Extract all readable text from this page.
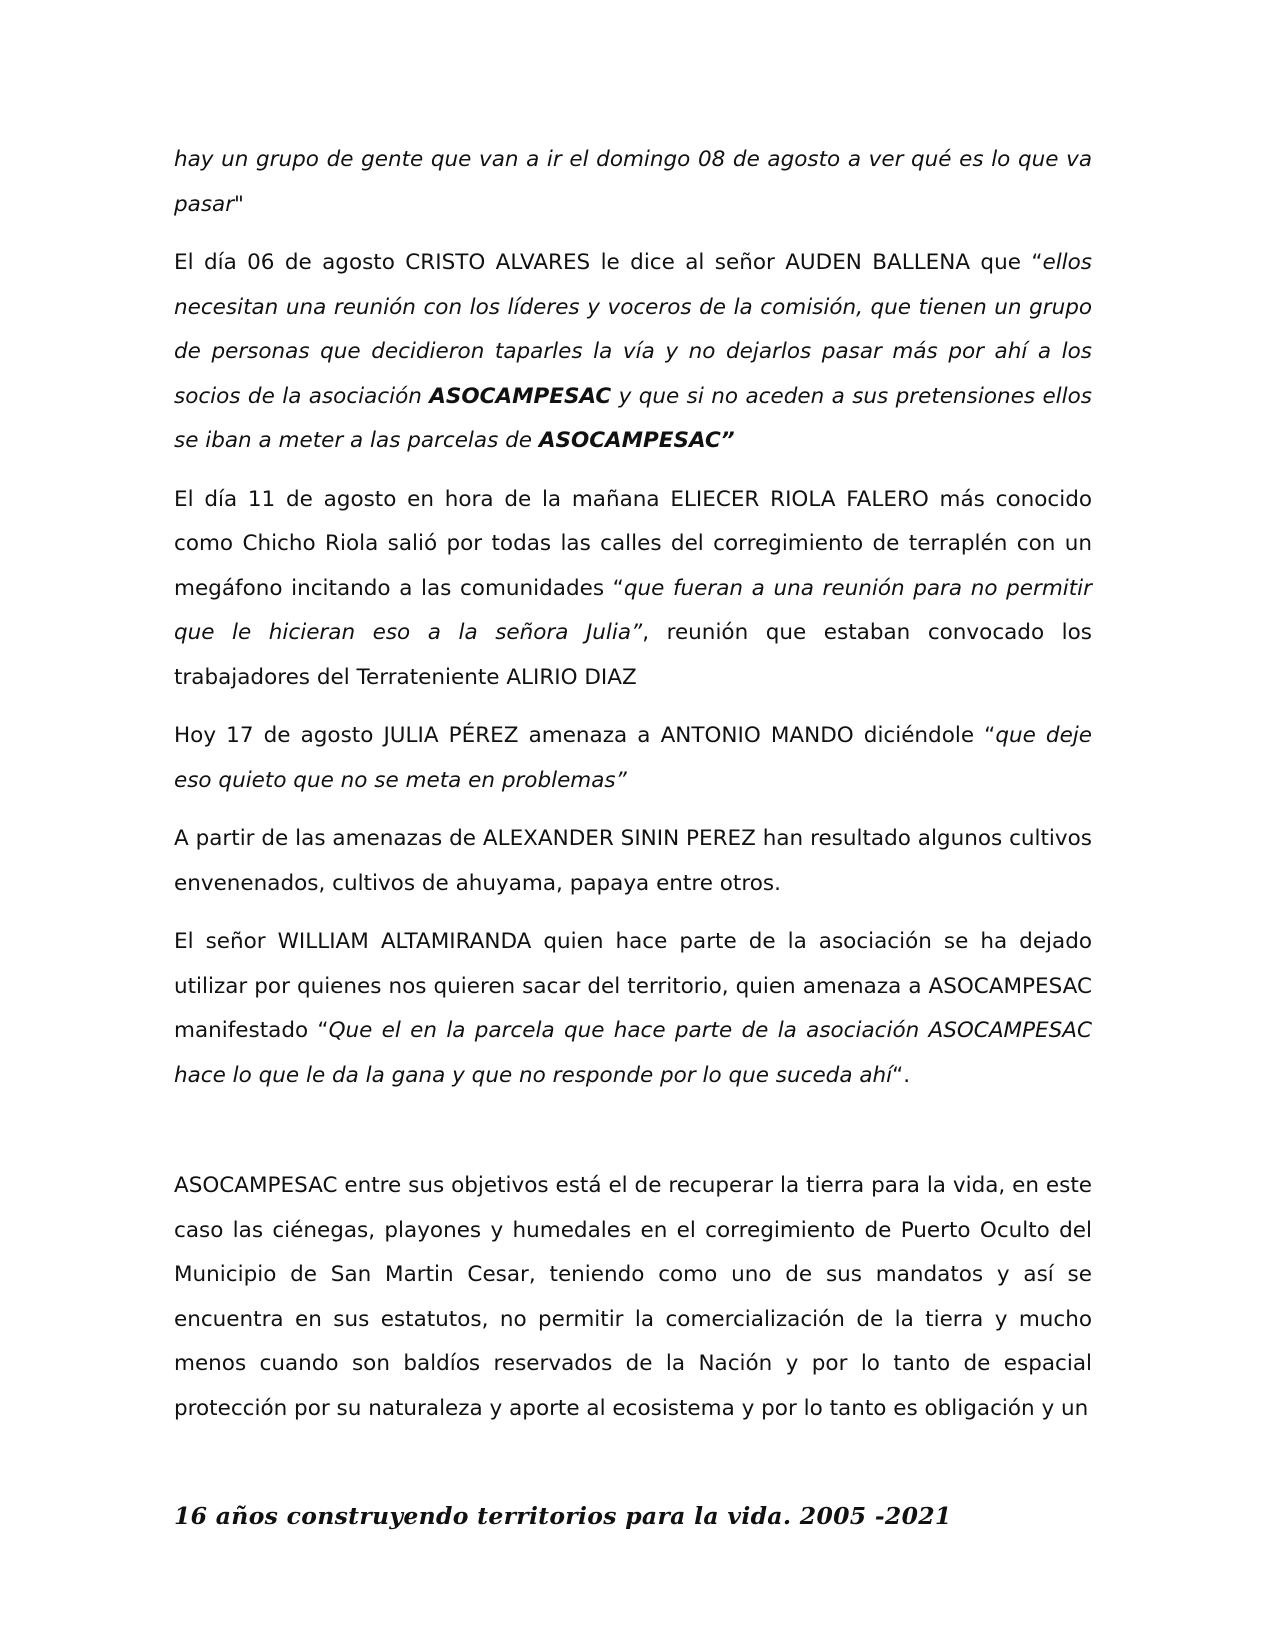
hay un grupo de gente que van a ir el domingo 08 de agosto a ver qué es lo que va pasar"

El día 06 de agosto CRISTO ALVARES le dice al señor AUDEN BALLENA que “ellos necesitan una reunión con los líderes y voceros de la comisión, que tienen un grupo de personas que decidieron taparles la vía y no dejarlos pasar más por ahí a los socios de la asociación ASOCAMPESAC y que si no aceden a sus pretensiones ellos se iban a meter a las parcelas de ASOCAMPESAC”

El día 11 de agosto en hora de la mañana ELIECER RIOLA FALERO más conocido como Chicho Riola salió por todas las calles del corregimiento de terraplén con un megáfono incitando a las comunidades “que fueran a una reunión para no permitir que le hicieran eso a la señora Julia”, reunión que estaban convocado los trabajadores del Terrateniente ALIRIO DIAZ

Hoy 17 de agosto JULIA PÉREZ amenaza a ANTONIO MANDO diciéndole “que deje eso quieto que no se meta en problemas”

A partir de las amenazas de ALEXANDER SININ PEREZ han resultado algunos cultivos envenenados, cultivos de ahuyama, papaya entre otros.

El señor WILLIAM ALTAMIRANDA quien hace parte de la asociación se ha dejado utilizar por quienes nos quieren sacar del territorio, quien amenaza a ASOCAMPESAC manifestado “Que el en la parcela que hace parte de la asociación ASOCAMPESAC hace lo que le da la gana y que no responde por lo que suceda ahí“.

ASOCAMPESAC entre sus objetivos está el de recuperar la tierra para la vida, en este caso las ciénegas, playones y humedales en el corregimiento de Puerto Oculto del Municipio de San Martin Cesar, teniendo como uno de sus mandatos y así se encuentra en sus estatutos, no permitir la comercialización de la tierra y mucho menos cuando son baldíos reservados de la Nación y por lo tanto de espacial protección por su naturaleza y aporte al ecosistema y por lo tanto es obligación y un

16 años construyendo territorios para la vida. 2005 -2021
